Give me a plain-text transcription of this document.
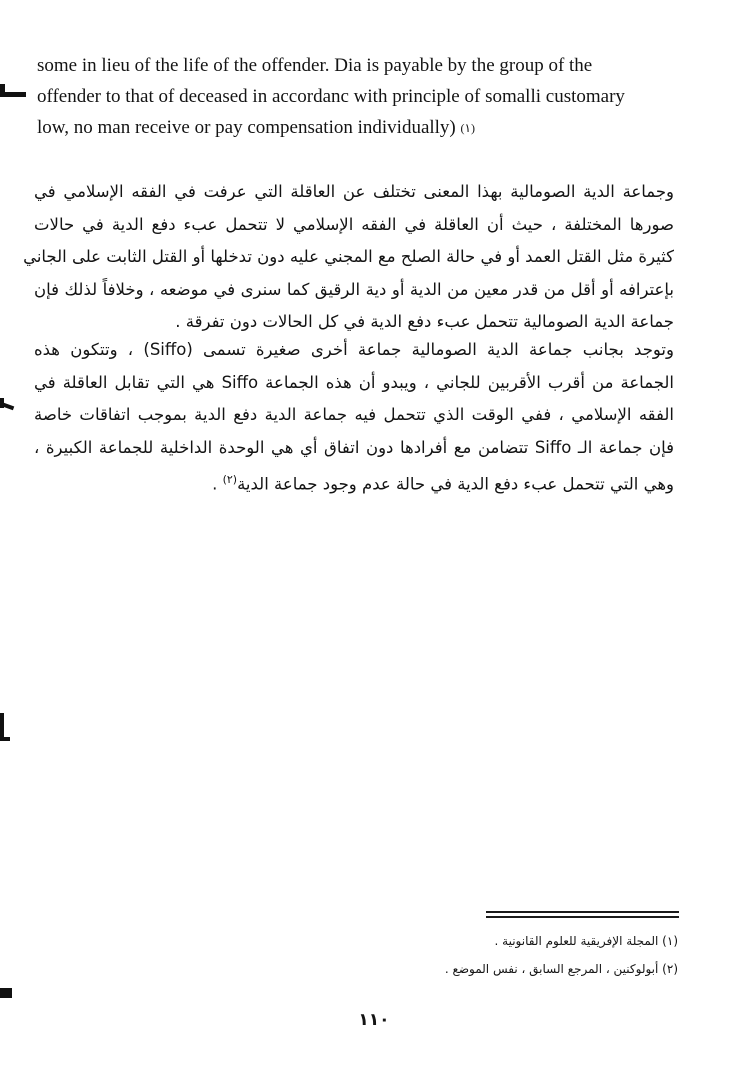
some in lieu of the life of the offender. Dia is payable by the group of the
offender to that of deceased in accordanc with principle of somalli customary
low, no man receive or pay compensation individually) $^{(١)}$
وجماعة الدية الصومالية بهذا المعنى تختلف عن العاقلة التي عرفت في الفقه الإسلامي في
صورها المختلفة ، حيث أن العاقلة في الفقه الإسلامي لا تتحمل عبء دفع الدية في حالات
كثيرة مثل القتل العمد أو في حالة الصلح مع المجني عليه دون تدخلها أو القتل الثابت على الجاني
بإعترافه أو أقل من قدر معين من الدية أو دية الرقيق كما سنرى في موضعه ، وخلافاً لذلك فإن
جماعة الدية الصومالية تتحمل عبء دفع الدية في كل الحالات دون تفرقة .
وتوجد بجانب جماعة الدية الصومالية جماعة أخرى صغيرة تسمى (Siffo) ، وتتكون هذه
الجماعة من أقرب الأقربين للجاني ، ويبدو أن هذه الجماعة Siffo هي التي تقابل العاقلة في
الفقه الإسلامي ، ففي الوقت الذي تتحمل فيه جماعة الدية دفع الدية بموجب اتفاقات خاصة
فإن جماعة الـ Siffo تتضامن مع أفرادها دون اتفاق أي هي الوحدة الداخلية للجماعة الكبيرة ،
وهي التي تتحمل عبء دفع الدية في حالة عدم وجود جماعة الدية$^{(٢)}$ .
(١) المجلة الإفريقية للعلوم القانونية .
(٢) أبولوكنين ، المرجع السابق ، نفس الموضع .
١١٠
